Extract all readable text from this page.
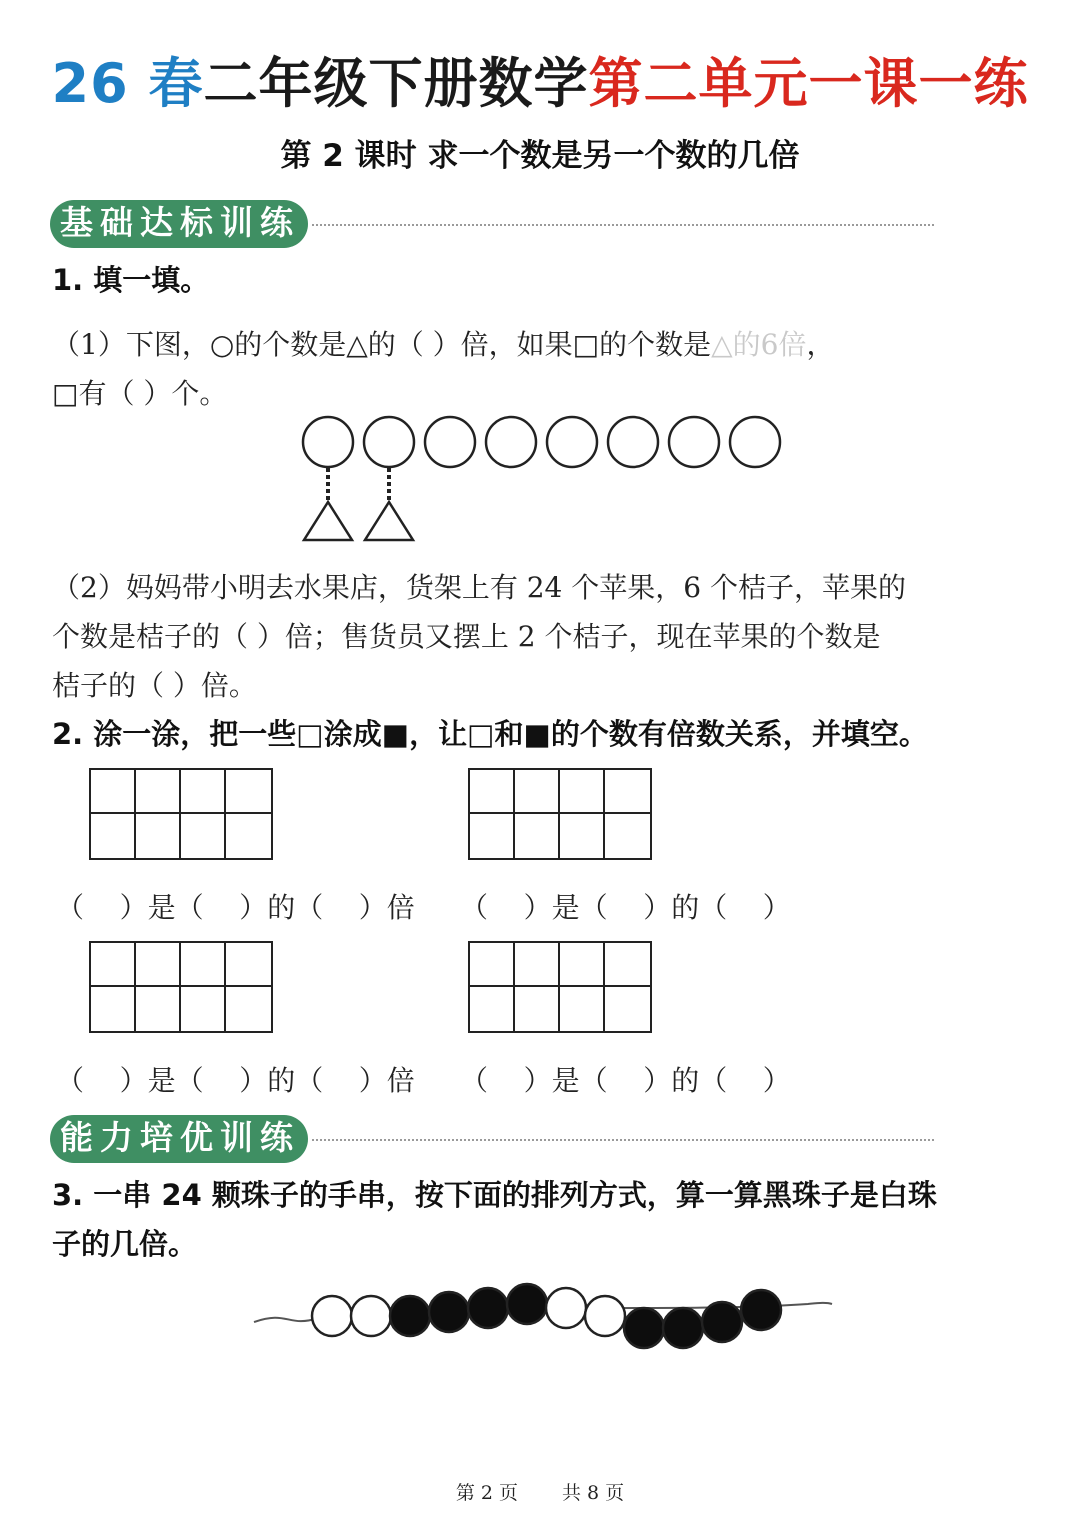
26 春二年级下册数学第二单元一课一练
第 2 课时 求一个数是另一个数的几倍
基础达标训练
1. 填一填。
（1）下图，○的个数是△的（ ）倍，如果□的个数是△的6倍，
□有（ ）个。
（2）妈妈带小明去水果店，货架上有 24 个苹果，6 个桔子，苹果的
个数是桔子的（ ）倍；售货员又摆上 2 个桔子，现在苹果的个数是
桔子的（ ）倍。
2. 涂一涂，把一些□涂成■，让□和■的个数有倍数关系，并填空。
（    ）是（    ）的（    ）倍 （    ）是（    ）的（    ）
（    ）是（    ）的（    ）倍 （    ）是（    ）的（    ）
能力培优训练
3. 一串 24 颗珠子的手串，按下面的排列方式，算一算黑珠子是白珠
子的几倍。
第 2 页 共 8 页
